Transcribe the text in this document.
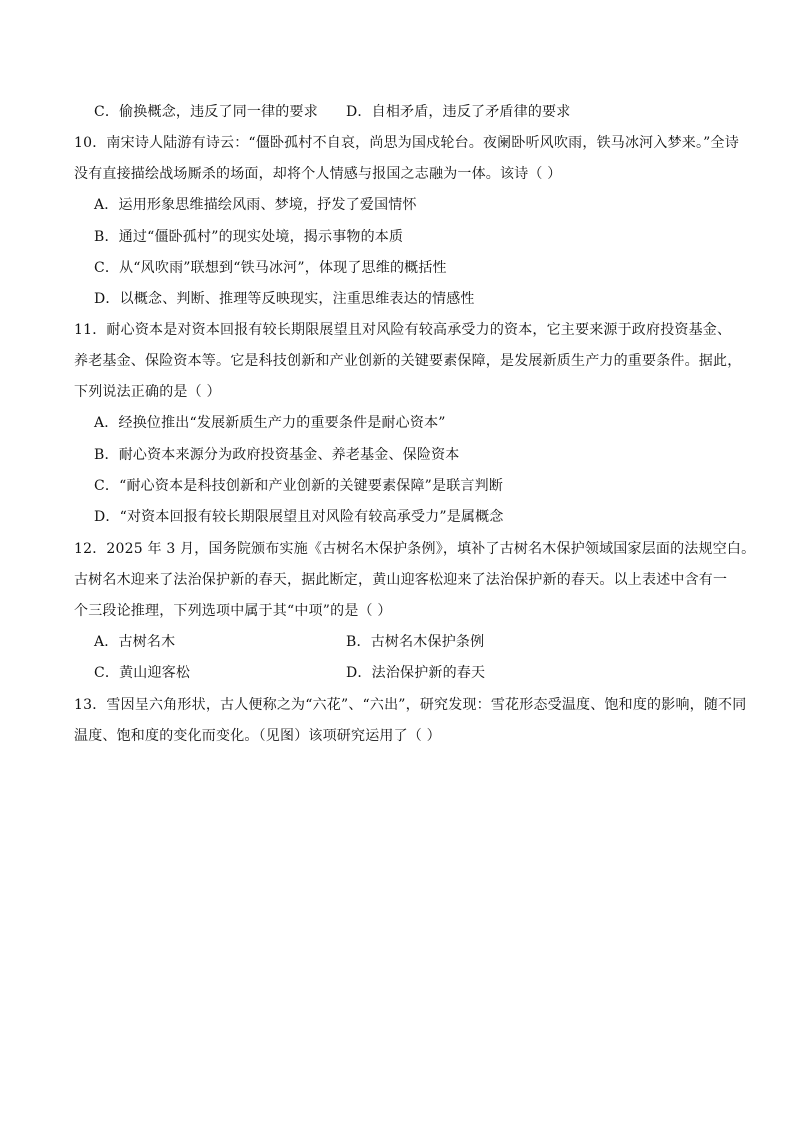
C．偷换概念，违反了同一律的要求 D．自相矛盾，违反了矛盾律的要求
10．南宋诗人陆游有诗云：“僵卧孤村不自哀，尚思为国戍轮台。夜阑卧听风吹雨，铁马冰河入梦来。”全诗
没有直接描绘战场厮杀的场面，却将个人情感与报国之志融为一体。该诗（ ）
A．运用形象思维描绘风雨、梦境，抒发了爱国情怀
B．通过“僵卧孤村”的现实处境，揭示事物的本质
C．从“风吹雨”联想到“铁马冰河”，体现了思维的概括性
D．以概念、判断、推理等反映现实，注重思维表达的情感性
11．耐心资本是对资本回报有较长期限展望且对风险有较高承受力的资本，它主要来源于政府投资基金、
养老基金、保险资本等。它是科技创新和产业创新的关键要素保障，是发展新质生产力的重要条件。据此，
下列说法正确的是（ ）
A．经换位推出“发展新质生产力的重要条件是耐心资本”
B．耐心资本来源分为政府投资基金、养老基金、保险资本
C．“耐心资本是科技创新和产业创新的关键要素保障”是联言判断
D．“对资本回报有较长期限展望且对风险有较高承受力”是属概念
12．2025 年 3 月，国务院颁布实施《古树名木保护条例》，填补了古树名木保护领域国家层面的法规空白。
古树名木迎来了法治保护新的春天，据此断定，黄山迎客松迎来了法治保护新的春天。以上表述中含有一
个三段论推理，下列选项中属于其“中项”的是（ ）
A．古树名木	B．古树名木保护条例
C．黄山迎客松	D．法治保护新的春天
13．雪因呈六角形状，古人便称之为“六花”、“六出”，研究发现：雪花形态受温度、饱和度的影响，随不同
温度、饱和度的变化而变化。（见图）该项研究运用了（ ）
